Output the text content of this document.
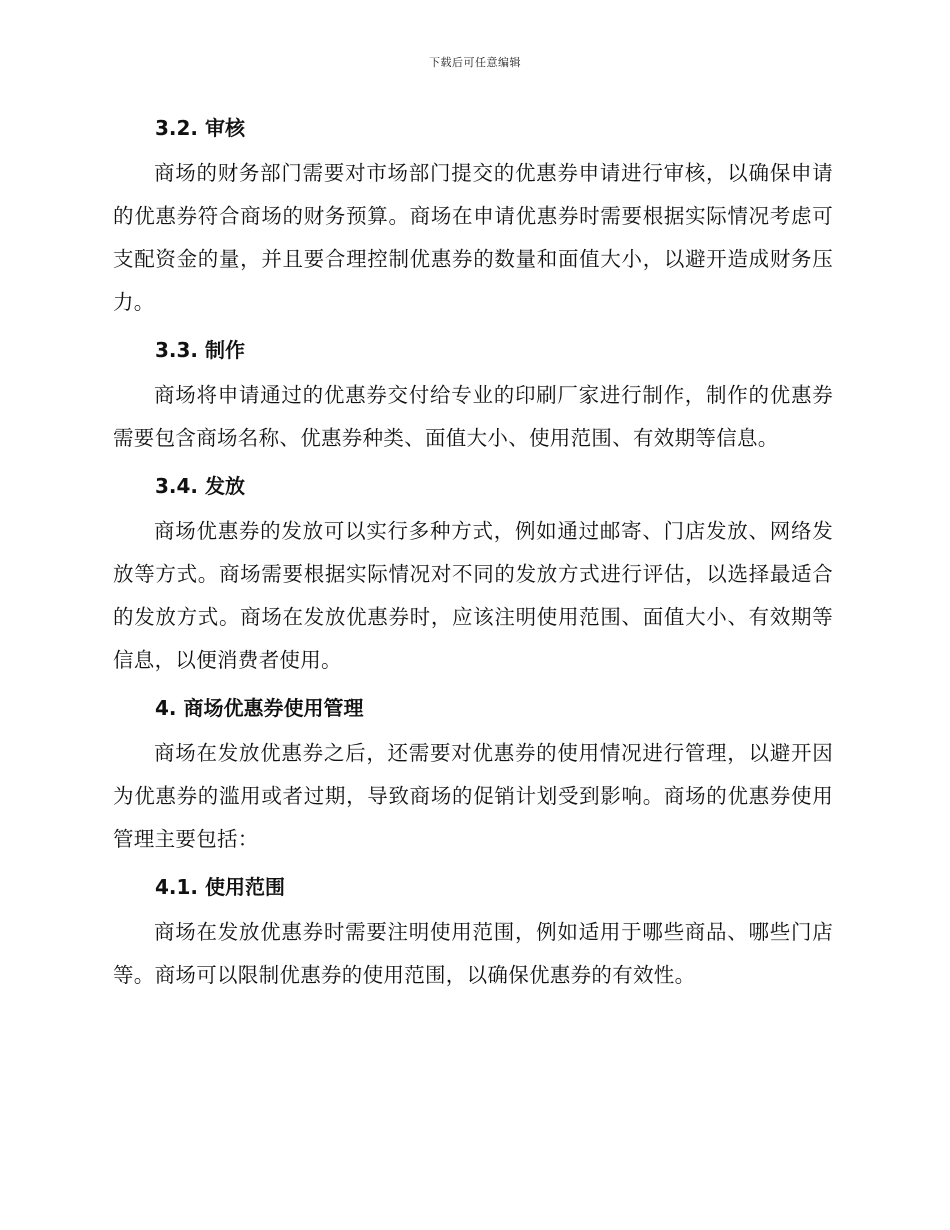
下载后可任意编辑
3.2. 审核

商场的财务部门需要对市场部门提交的优惠券申请进行审核，以确保申请的优惠券符合商场的财务预算。商场在申请优惠券时需要根据实际情况考虑可支配资金的量，并且要合理控制优惠券的数量和面值大小，以避开造成财务压力。

3.3. 制作

商场将申请通过的优惠券交付给专业的印刷厂家进行制作，制作的优惠券需要包含商场名称、优惠券种类、面值大小、使用范围、有效期等信息。

3.4. 发放

商场优惠券的发放可以实行多种方式，例如通过邮寄、门店发放、网络发放等方式。商场需要根据实际情况对不同的发放方式进行评估，以选择最适合的发放方式。商场在发放优惠券时，应该注明使用范围、面值大小、有效期等信息，以便消费者使用。

4. 商场优惠券使用管理

商场在发放优惠券之后，还需要对优惠券的使用情况进行管理，以避开因为优惠券的滥用或者过期，导致商场的促销计划受到影响。商场的优惠券使用管理主要包括：

4.1. 使用范围

商场在发放优惠券时需要注明使用范围，例如适用于哪些商品、哪些门店等。商场可以限制优惠券的使用范围，以确保优惠券的有效性。
